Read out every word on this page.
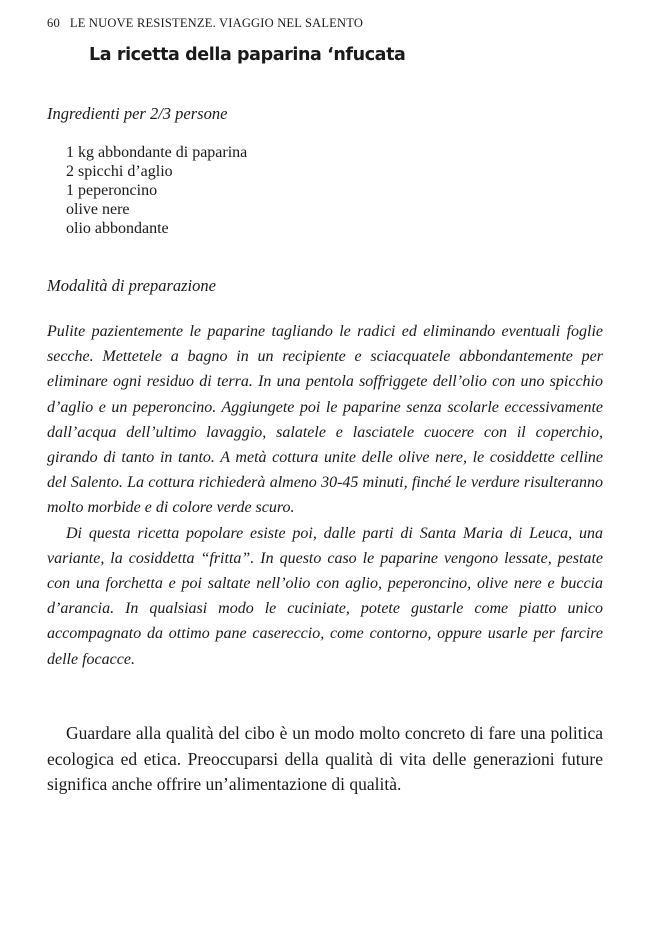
60 LE NUOVE RESISTENZE. VIAGGIO NEL SALENTO
La ricetta della paparina ‘nfucata
Ingredienti per 2/3 persone
1 kg abbondante di paparina
2 spicchi d’aglio
1 peperoncino
olive nere
olio abbondante
Modalità di preparazione

Pulite pazientemente le paparine tagliando le radici ed eliminando eventuali foglie secche. Mettetele a bagno in un recipiente e sciacquatele abbondantemente per eliminare ogni residuo di terra. In una pentola soffriggete dell’olio con uno spicchio d’aglio e un peperoncino. Aggiungete poi le paparine senza scolarle eccessivamente dall’acqua dell’ultimo lavaggio, salatele e lasciatele cuocere con il coperchio, girando di tanto in tanto. A metà cottura unite delle olive nere, le cosiddette celline del Salento. La cottura richiederà almeno 30-45 minuti, finché le verdure risulteranno molto morbide e di colore verde scuro.

Di questa ricetta popolare esiste poi, dalle parti di Santa Maria di Leuca, una variante, la cosiddetta “fritta”. In questo caso le paparine vengono lessate, pestate con una forchetta e poi saltate nell’olio con aglio, peperoncino, olive nere e buccia d’arancia. In qualsiasi modo le cuciniate, potete gustarle come piatto unico accompagnato da ottimo pane casereccio, come contorno, oppure usarle per farcire delle focacce.

Guardare alla qualità del cibo è un modo molto concreto di fare una politica ecologica ed etica. Preoccuparsi della qualità di vita delle generazioni future significa anche offrire un’alimentazione di qualità.
